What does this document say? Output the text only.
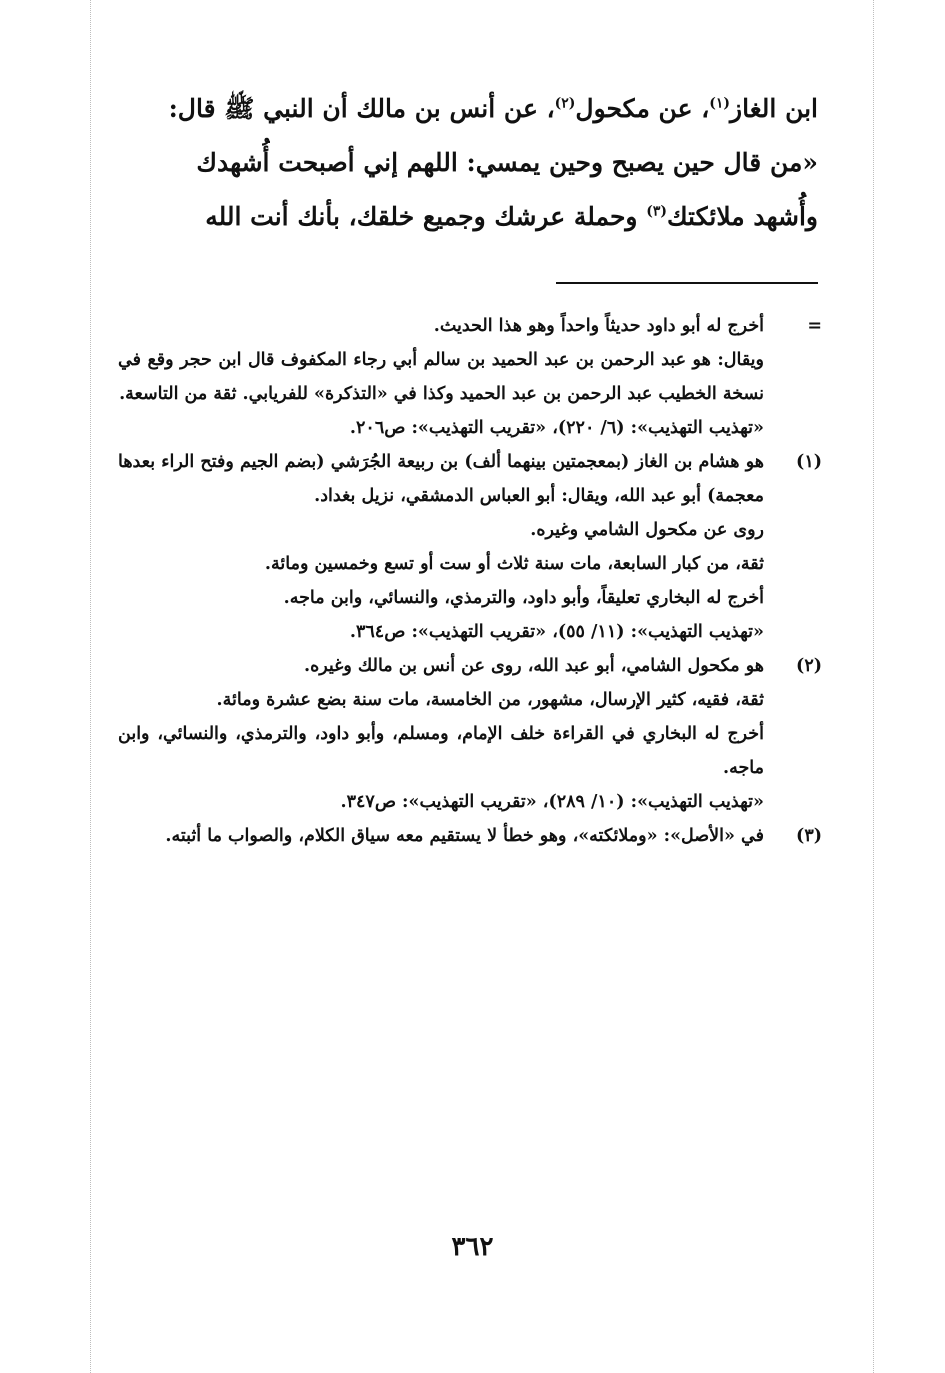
ابن الغاز$^{(١)}$، عن مكحول$^{(٢)}$، عن أنس بن مالك أن النبي ﷺ قال:

«من قال حين يصبح وحين يمسي: اللهم إني أصبحت أُشهدك

وأُشهد ملائكتك$^{(٣)}$ وحملة عرشك وجميع خلقك، بأنك أنت الله

=

أخرج له أبو داود حديثاً واحداً وهو هذا الحديث.

ويقال: هو عبد الرحمن بن عبد الحميد بن سالم أبي رجاء المكفوف قال ابن حجر وقع في نسخة الخطيب عبد الرحمن بن عبد الحميد وكذا في «التذكرة» للفريابي. ثقة من التاسعة.

«تهذيب التهذيب»: (٦/ ٢٢٠)، «تقريب التهذيب»: ص٢٠٦.

(١)

هو هشام بن الغاز (بمعجمتين بينهما ألف) بن ربيعة الجُرَشي (بضم الجيم وفتح الراء بعدها معجمة) أبو عبد الله، ويقال: أبو العباس الدمشقي، نزيل بغداد.

روى عن مكحول الشامي وغيره.

ثقة، من كبار السابعة، مات سنة ثلاث أو ست أو تسع وخمسين ومائة.

أخرج له البخاري تعليقاً، وأبو داود، والترمذي، والنسائي، وابن ماجه.

«تهذيب التهذيب»: (١١/ ٥٥)، «تقريب التهذيب»: ص٣٦٤.

(٢)

هو مكحول الشامي، أبو عبد الله، روى عن أنس بن مالك وغيره.

ثقة، فقيه، كثير الإرسال، مشهور، من الخامسة، مات سنة بضع عشرة ومائة.

أخرج له البخاري في القراءة خلف الإمام، ومسلم، وأبو داود، والترمذي، والنسائي، وابن ماجه.

«تهذيب التهذيب»: (١٠/ ٢٨٩)، «تقريب التهذيب»: ص٣٤٧.

(٣)

في «الأصل»: «وملائكته»، وهو خطأ لا يستقيم معه سياق الكلام، والصواب ما أثبته.

٣٦٢
